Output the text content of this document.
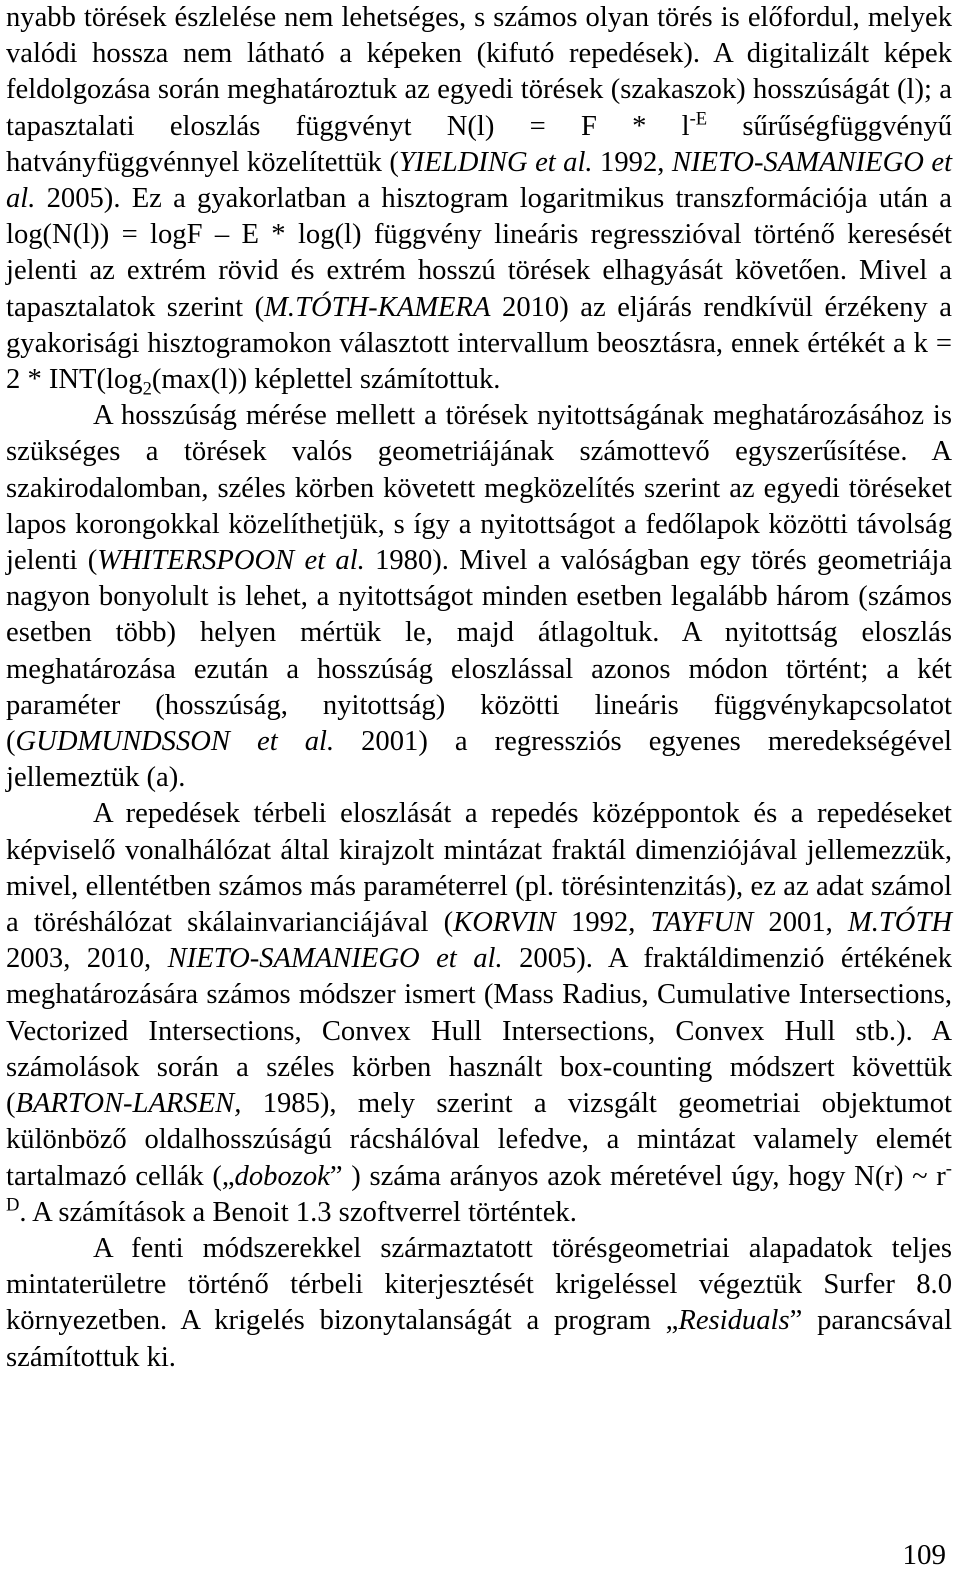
nyabb törések észlelése nem lehetséges, s számos olyan törés is előfordul, melyek valódi hossza nem látható a képeken (kifutó repedések). A digitalizált képek feldolgozása során meghatároztuk az egyedi törések (szakaszok) hosszúságát (l); a tapasztalati eloszlás függvényt $N(l) = F * l^{-E}$ sűrűségfüggvényű hatványfüggvénnyel közelítettük (YIELDING et al. 1992, NIETO-SAMANIEGO et al. 2005). Ez a gyakorlatban a hisztogram logaritmikus transzformációja után a log(N(l)) = logF – E * log(l) függvény lineáris regresszióval történő keresését jelenti az extrém rövid és extrém hosszú törések elhagyását követően. Mivel a tapasztalatok szerint (M.TÓTH-KAMERA 2010) az eljárás rendkívül érzékeny a gyakorisági hisztogramokon választott intervallum beosztásra, ennek értékét a $k = 2 * INT(\log_2(\max(l))$ képlettel számítottuk.

A hosszúság mérése mellett a törések nyitottságának meghatározásához is szükséges a törések valós geometriájának számottevő egyszerűsítése. A szakirodalomban, széles körben követett megközelítés szerint az egyedi töréseket lapos korongokkal közelíthetjük, s így a nyitottságot a fedőlapok közötti távolság jelenti (WHITERSPOON et al. 1980). Mivel a valóságban egy törés geometriája nagyon bonyolult is lehet, a nyitottságot minden esetben legalább három (számos esetben több) helyen mértük le, majd átlagoltuk. A nyitottság eloszlás meghatározása ezután a hosszúság eloszlással azonos módon történt; a két paraméter (hosszúság, nyitottság) közötti lineáris függvénykapcsolatot (GUDMUNDSSON et al. 2001) a regressziós egyenes meredekségével jellemeztük (a).

A repedések térbeli eloszlását a repedés középpontok és a repedéseket képviselő vonalhálózat által kirajzolt mintázat fraktál dimenziójával jellemezzük, mivel, ellentétben számos más paraméterrel (pl. törésintenzitás), ez az adat számol a töréshálózat skálainvarianciájával (KORVIN 1992, TAYFUN 2001, M.TÓTH 2003, 2010, NIETO-SAMANIEGO et al. 2005). A fraktáldimenzió értékének meghatározására számos módszer ismert (Mass Radius, Cumulative Intersections, Vectorized Intersections, Convex Hull Intersections, Convex Hull stb.). A számolások során a széles körben használt box-counting módszert követtük (BARTON-LARSEN, 1985), mely szerint a vizsgált geometriai objektumot különböző oldalhosszúságú rácshálóval lefedve, a mintázat valamely elemét tartalmazó cellák („dobozok” ) száma arányos azok méretével úgy, hogy N(r) ~ $r^{-D}$. A számítások a Benoit 1.3 szoftverrel történtek.

A fenti módszerekkel származtatott törésgeometriai alapadatok teljes mintaterületre történő térbeli kiterjesztését krigeléssel végeztük Surfer 8.0 környezetben. A krigelés bizonytalanságát a program „Residuals” parancsával számítottuk ki.

109
